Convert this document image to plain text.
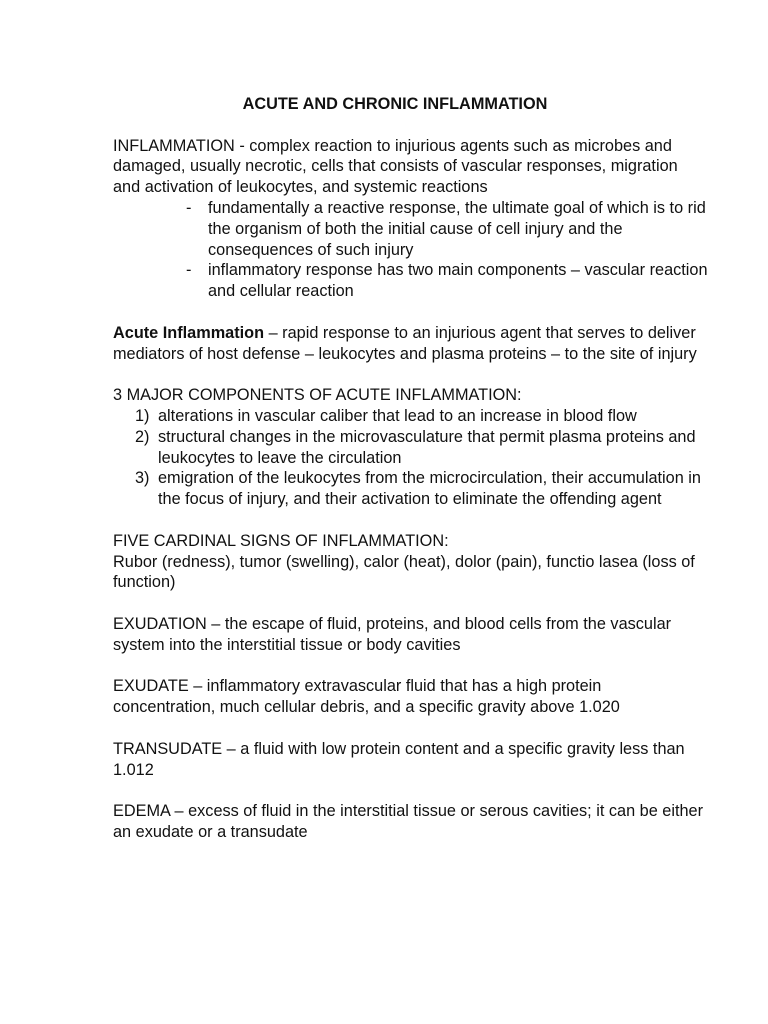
ACUTE AND CHRONIC INFLAMMATION

INFLAMMATION - complex reaction to injurious agents such as microbes and damaged, usually necrotic, cells that consists of vascular responses, migration and activation of leukocytes, and systemic reactions

- fundamentally a reactive response, the ultimate goal of which is to rid the organism of both the initial cause of cell injury and the consequences of such injury
- inflammatory response has two main components – vascular reaction and cellular reaction

Acute Inflammation – rapid response to an injurious agent that serves to deliver mediators of host defense – leukocytes and plasma proteins – to the site of injury

3 MAJOR COMPONENTS OF ACUTE INFLAMMATION:

1) alterations in vascular caliber that lead to an increase in blood flow
2) structural changes in the microvasculature that permit plasma proteins and leukocytes to leave the circulation
3) emigration of the leukocytes from the microcirculation, their accumulation in the focus of injury, and their activation to eliminate the offending agent

FIVE CARDINAL SIGNS OF INFLAMMATION:

Rubor (redness), tumor (swelling), calor (heat), dolor (pain), functio lasea (loss of function)

EXUDATION – the escape of fluid, proteins, and blood cells from the vascular system into the interstitial tissue or body cavities

EXUDATE – inflammatory extravascular fluid that has a high protein concentration, much cellular debris, and a specific gravity above 1.020

TRANSUDATE – a fluid with low protein content and a specific gravity less than 1.012

EDEMA – excess of fluid in the interstitial tissue or serous cavities; it can be either an exudate or a transudate
